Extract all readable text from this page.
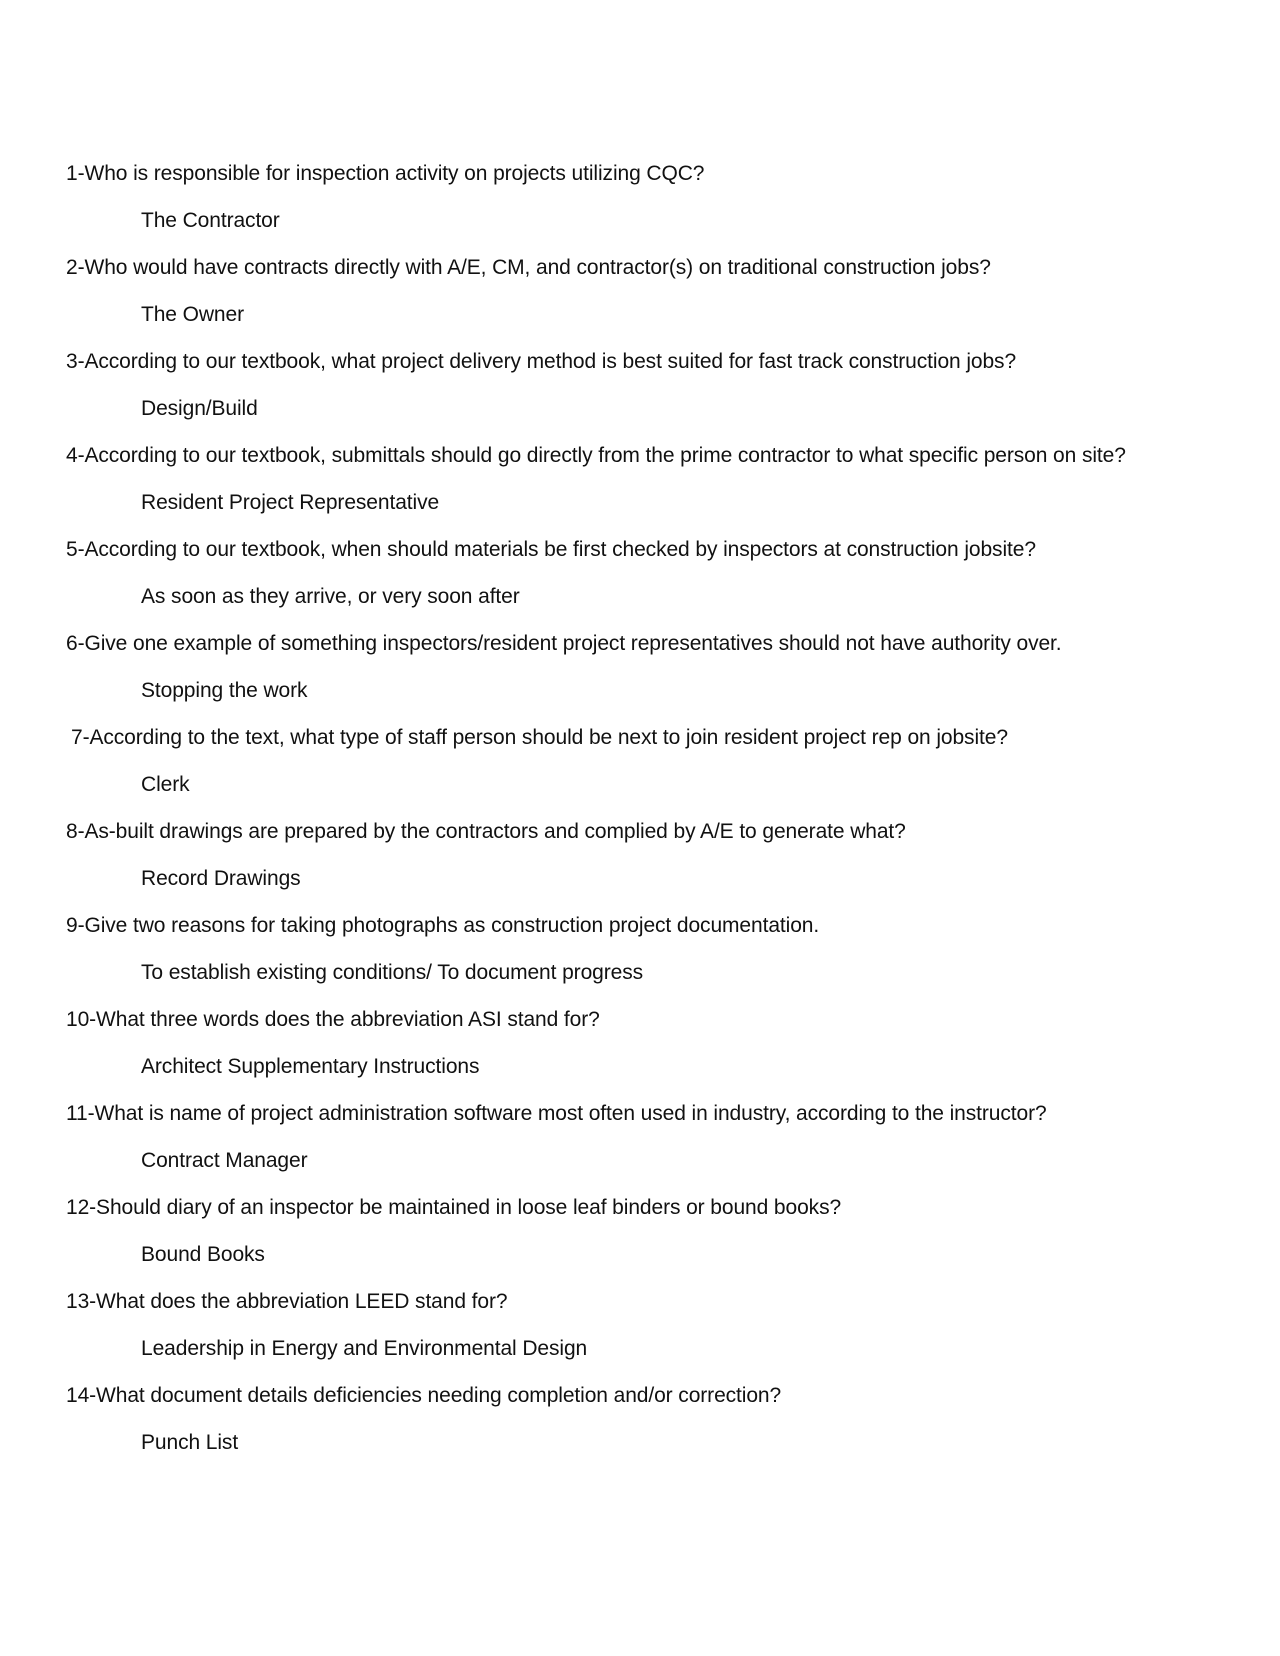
1-Who is responsible for inspection activity on projects utilizing CQC?
The Contractor
2-Who would have contracts directly with A/E, CM, and contractor(s) on traditional construction jobs?
The Owner
3-According to our textbook, what project delivery method is best suited for fast track construction jobs?
Design/Build
4-According to our textbook, submittals should go directly from the prime contractor to what specific person on site?
Resident Project Representative
5-According to our textbook, when should materials be first checked by inspectors at construction jobsite?
As soon as they arrive, or very soon after
6-Give one example of something inspectors/resident project representatives should not have authority over.
Stopping the work
7-According to the text, what type of staff person should be next to join resident project rep on jobsite?
Clerk
8-As-built drawings are prepared by the contractors and complied by A/E to generate what?
Record Drawings
9-Give two reasons for taking photographs as construction project documentation.
To establish existing conditions/ To document progress
10-What three words does the abbreviation ASI stand for?
Architect Supplementary Instructions
11-What is name of project administration software most often used in industry, according to the instructor?
Contract Manager
12-Should diary of an inspector be maintained in loose leaf binders or bound books?
Bound Books
13-What does the abbreviation LEED stand for?
Leadership in Energy and Environmental Design
14-What document details deficiencies needing completion and/or correction?
Punch List
